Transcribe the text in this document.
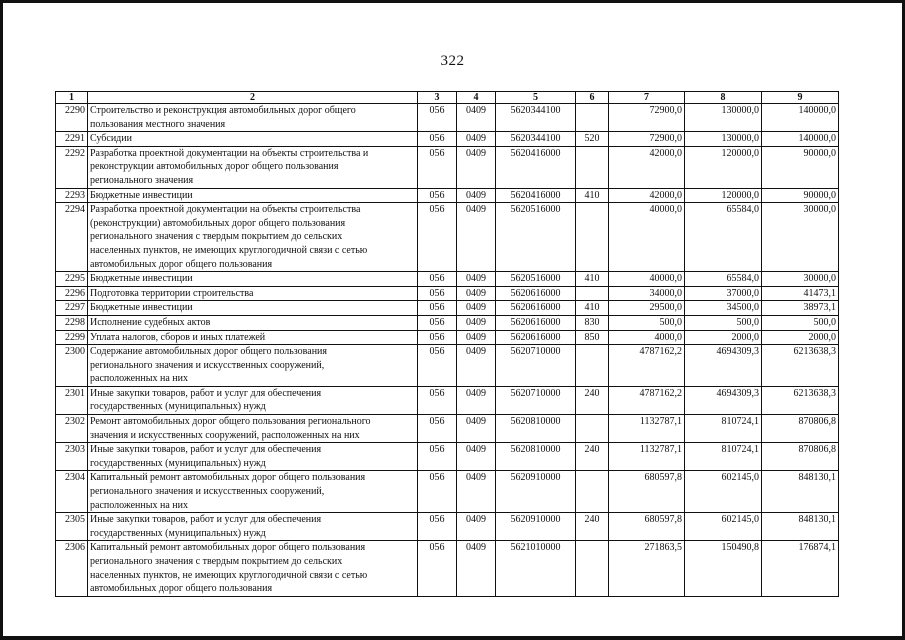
322
1	2	3	4	5	6	7	8	9
2290	Строительство и реконструкция автомобильных дорог общего
пользования местного значения	056	0409	5620344100		72900,0	130000,0	140000,0
2291	Субсидии	056	0409	5620344100	520	72900,0	130000,0	140000,0
2292	Разработка проектной документации на объекты строительства и
реконструкции автомобильных дорог общего пользования
регионального значения	056	0409	5620416000		42000,0	120000,0	90000,0
2293	Бюджетные инвестиции	056	0409	5620416000	410	42000,0	120000,0	90000,0
2294	Разработка проектной документации на объекты строительства
(реконструкции) автомобильных дорог общего пользования
регионального значения с твердым покрытием до сельских
населенных пунктов, не имеющих круглогодичной связи с сетью
автомобильных дорог общего пользования	056	0409	5620516000		40000,0	65584,0	30000,0
2295	Бюджетные инвестиции	056	0409	5620516000	410	40000,0	65584,0	30000,0
2296	Подготовка территории строительства	056	0409	5620616000		34000,0	37000,0	41473,1
2297	Бюджетные инвестиции	056	0409	5620616000	410	29500,0	34500,0	38973,1
2298	Исполнение судебных актов	056	0409	5620616000	830	500,0	500,0	500,0
2299	Уплата налогов, сборов и иных платежей	056	0409	5620616000	850	4000,0	2000,0	2000,0
2300	Содержание автомобильных дорог общего пользования
регионального значения и искусственных сооружений,
расположенных на них	056	0409	5620710000		4787162,2	4694309,3	6213638,3
2301	Иные закупки товаров, работ и услуг для обеспечения
государственных (муниципальных) нужд	056	0409	5620710000	240	4787162,2	4694309,3	6213638,3
2302	Ремонт автомобильных дорог общего пользования регионального
значения и искусственных сооружений, расположенных на них	056	0409	5620810000		1132787,1	810724,1	870806,8
2303	Иные закупки товаров, работ и услуг для обеспечения
государственных (муниципальных) нужд	056	0409	5620810000	240	1132787,1	810724,1	870806,8
2304	Капитальный ремонт автомобильных дорог общего пользования
регионального значения и искусственных сооружений,
расположенных на них	056	0409	5620910000		680597,8	602145,0	848130,1
2305	Иные закупки товаров, работ и услуг для обеспечения
государственных (муниципальных) нужд	056	0409	5620910000	240	680597,8	602145,0	848130,1
2306	Капитальный ремонт автомобильных дорог общего пользования
регионального значения с твердым покрытием до сельских
населенных пунктов, не имеющих круглогодичной связи с сетью
автомобильных дорог общего пользования	056	0409	5621010000		271863,5	150490,8	176874,1
